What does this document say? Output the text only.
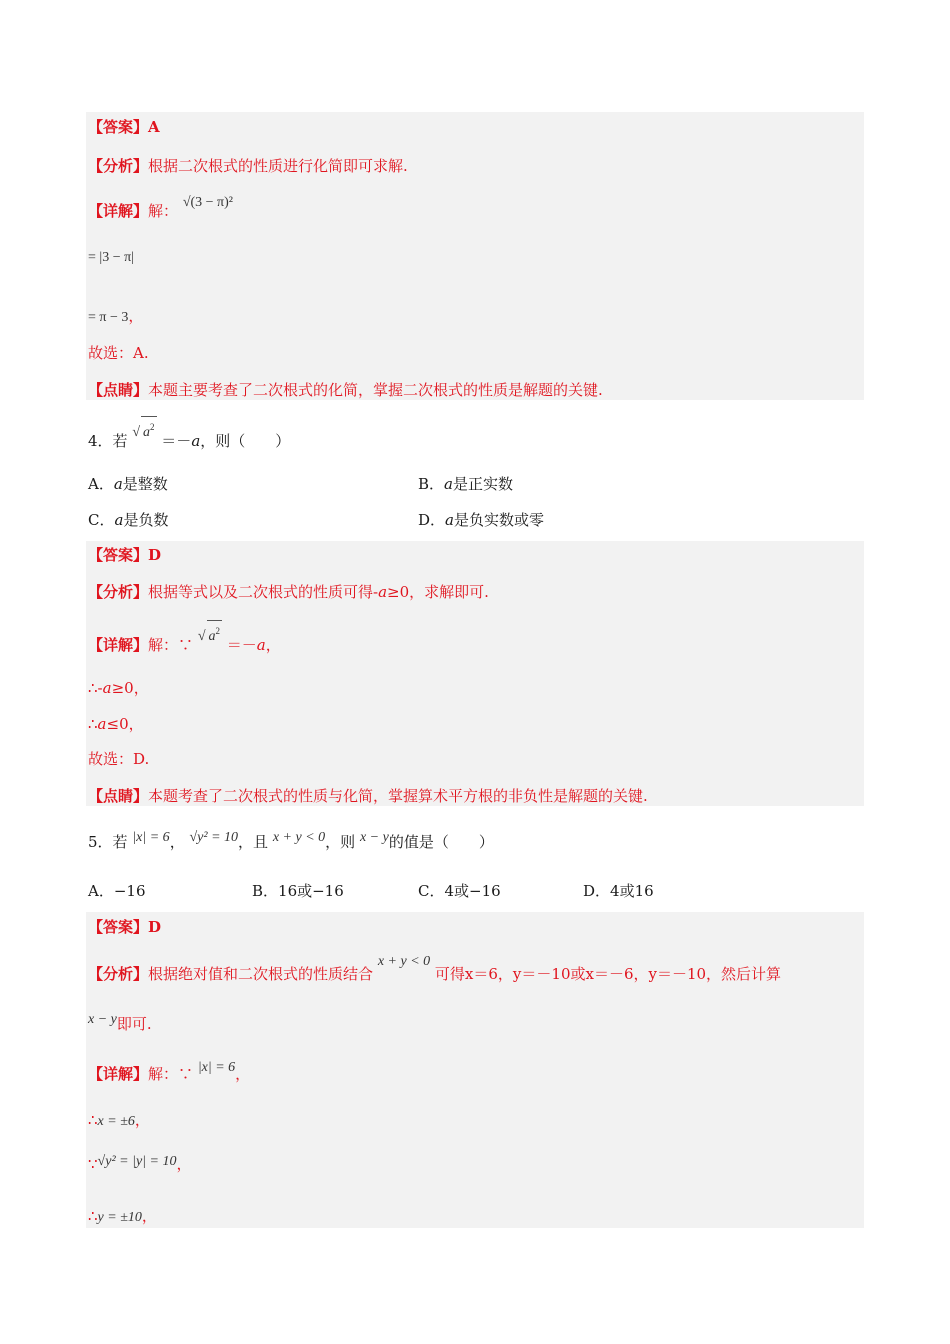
【答案】A
【分析】根据二次根式的性质进行化简即可求解.
【详解】解： √(3 − π)²
= |3 − π|
= π − 3，
故选：A.
【点睛】本题主要考查了二次根式的化简，掌握二次根式的性质是解题的关键.
4．若 √ $a^2 =-a$，则（　　）
A．a是整数	B．a是正实数
C．a是负数	D．a是负实数或零
【答案】D
【分析】根据等式以及二次根式的性质可得-a≥0，求解即可.
【详解】解：∵ √ $a^2 =-a$，
∴-a≥0，
∴a≤0，
故选：D.
【点睛】本题考查了二次根式的性质与化简，掌握算术平方根的非负性是解题的关键.
5．若 |x| = 6， √y² = 10，且 x + y < 0，则 x − y的值是（　　）
A．−16	B．16或−16	C．4或−16	D．4或16
【答案】D
【分析】根据绝对值和二次根式的性质结合 x + y < 0 可得x＝6，y＝－10或x＝－6，y＝－10，然后计算
x − y即可.
【详解】解：∵ |x| = 6，
∴x = ±6，
∵√y² = |y| = 10，
∴y = ±10，
